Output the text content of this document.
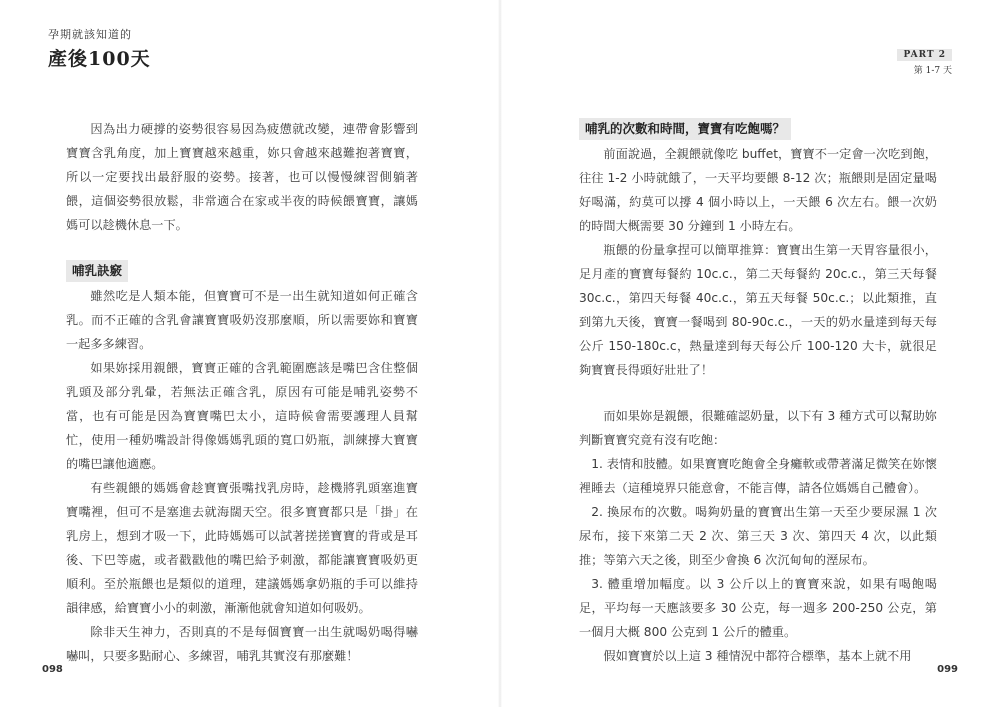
孕期就該知道的
產後100天

因為出力硬撐的姿勢很容易因為疲憊就改變，連帶會影響到寶寶含乳角度，加上寶寶越來越重，妳只會越來越難抱著寶寶，所以一定要找出最舒服的姿勢。接著，也可以慢慢練習側躺著餵，這個姿勢很放鬆，非常適合在家或半夜的時候餵寶寶，讓媽媽可以趁機休息一下。

哺乳訣竅

雖然吃是人類本能，但寶寶可不是一出生就知道如何正確含乳。而不正確的含乳會讓寶寶吸奶沒那麼順，所以需要妳和寶寶一起多多練習。

如果妳採用親餵，寶寶正確的含乳範圍應該是嘴巴含住整個乳頭及部分乳暈，若無法正確含乳，原因有可能是哺乳姿勢不當，也有可能是因為寶寶嘴巴太小，這時候會需要護理人員幫忙，使用一種奶嘴設計得像媽媽乳頭的寬口奶瓶，訓練撐大寶寶的嘴巴讓他適應。

有些親餵的媽媽會趁寶寶張嘴找乳房時，趁機將乳頭塞進寶寶嘴裡，但可不是塞進去就海闊天空。很多寶寶都只是「掛」在乳房上，想到才吸一下，此時媽媽可以試著搓搓寶寶的背或是耳後、下巴等處，或者戳戳他的嘴巴給予刺激，都能讓寶寶吸奶更順利。至於瓶餵也是類似的道理，建議媽媽拿奶瓶的手可以維持韻律感，給寶寶小小的刺激，漸漸他就會知道如何吸奶。

除非天生神力，否則真的不是每個寶寶一出生就喝奶喝得嚇嚇叫，只要多點耐心、多練習，哺乳其實沒有那麼難！

098
PART 2
第 1-7 天
哺乳的次數和時間，寶寶有吃飽嗎？

前面說過，全親餵就像吃 buffet，寶寶不一定會一次吃到飽，往往 1-2 小時就餓了，一天平均要餵 8-12 次；瓶餵則是固定量喝好喝滿，約莫可以撐 4 個小時以上，一天餵 6 次左右。餵一次奶的時間大概需要 30 分鐘到 1 小時左右。

瓶餵的份量拿捏可以簡單推算：寶寶出生第一天胃容量很小，足月產的寶寶每餐約 10c.c.，第二天每餐約 20c.c.，第三天每餐 30c.c.，第四天每餐 40c.c.，第五天每餐 50c.c.；以此類推，直到第九天後，寶寶一餐喝到 80-90c.c.，一天的奶水量達到每天每公斤 150-180c.c，熱量達到每天每公斤 100-120 大卡，就很足夠寶寶長得頭好壯壯了！

而如果妳是親餵，很難確認奶量，以下有 3 種方式可以幫助妳判斷寶寶究竟有沒有吃飽：

1. 表情和肢體。如果寶寶吃飽會全身癱軟或帶著滿足微笑在妳懷裡睡去（這種境界只能意會，不能言傳，請各位媽媽自己體會）。

2. 換尿布的次數。喝夠奶量的寶寶出生第一天至少要尿濕 1 次尿布，接下來第二天 2 次、第三天 3 次、第四天 4 次，以此類推；等第六天之後，則至少會換 6 次沉甸甸的溼尿布。

3. 體重增加幅度。以 3 公斤以上的寶寶來說，如果有喝飽喝足，平均每一天應該要多 30 公克，每一週多 200-250 公克，第一個月大概 800 公克到 1 公斤的體重。

假如寶寶於以上這 3 種情況中都符合標準，基本上就不用

099
